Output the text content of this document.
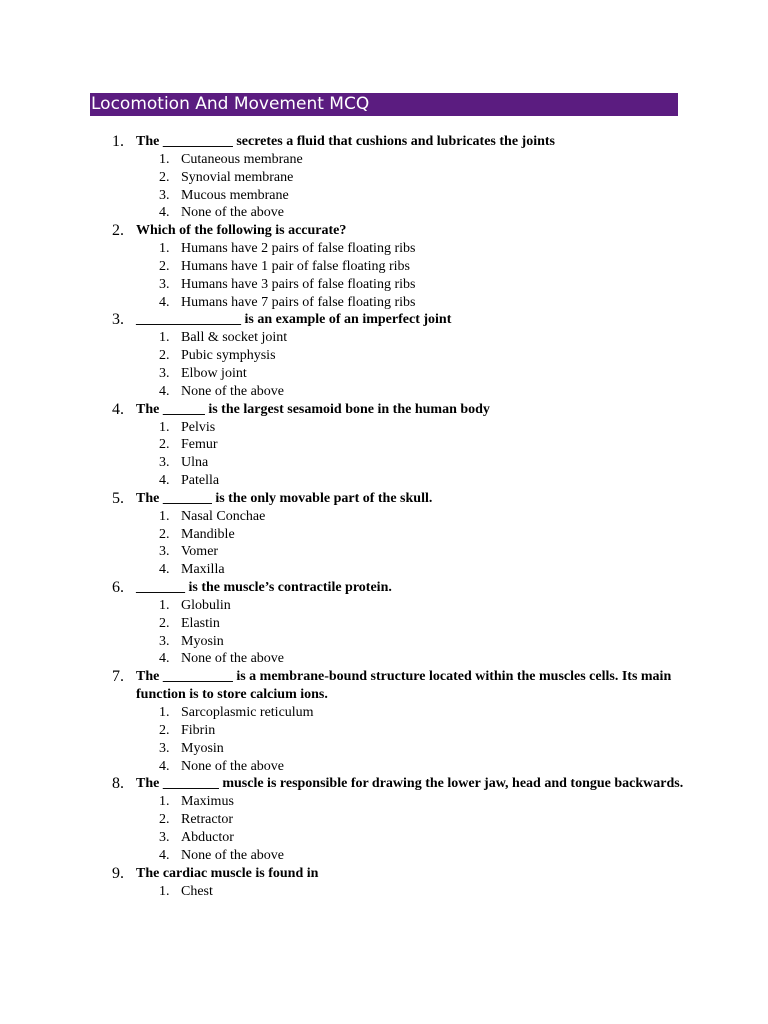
Locomotion And Movement MCQ
1. The __________ secretes a fluid that cushions and lubricates the joints
1. Cutaneous membrane
2. Synovial membrane
3. Mucous membrane
4. None of the above
2. Which of the following is accurate?
1. Humans have 2 pairs of false floating ribs
2. Humans have 1 pair of false floating ribs
3. Humans have 3 pairs of false floating ribs
4. Humans have 7 pairs of false floating ribs
3. _______________ is an example of an imperfect joint
1. Ball & socket joint
2. Pubic symphysis
3. Elbow joint
4. None of the above
4. The ______ is the largest sesamoid bone in the human body
1. Pelvis
2. Femur
3. Ulna
4. Patella
5. The _______ is the only movable part of the skull.
1. Nasal Conchae
2. Mandible
3. Vomer
4. Maxilla
6. _______ is the muscle’s contractile protein.
1. Globulin
2. Elastin
3. Myosin
4. None of the above
7. The __________ is a membrane-bound structure located within the muscles cells. Its main function is to store calcium ions.
1. Sarcoplasmic reticulum
2. Fibrin
3. Myosin
4. None of the above
8. The ________ muscle is responsible for drawing the lower jaw, head and tongue backwards.
1. Maximus
2. Retractor
3. Abductor
4. None of the above
9. The cardiac muscle is found in
1. Chest
